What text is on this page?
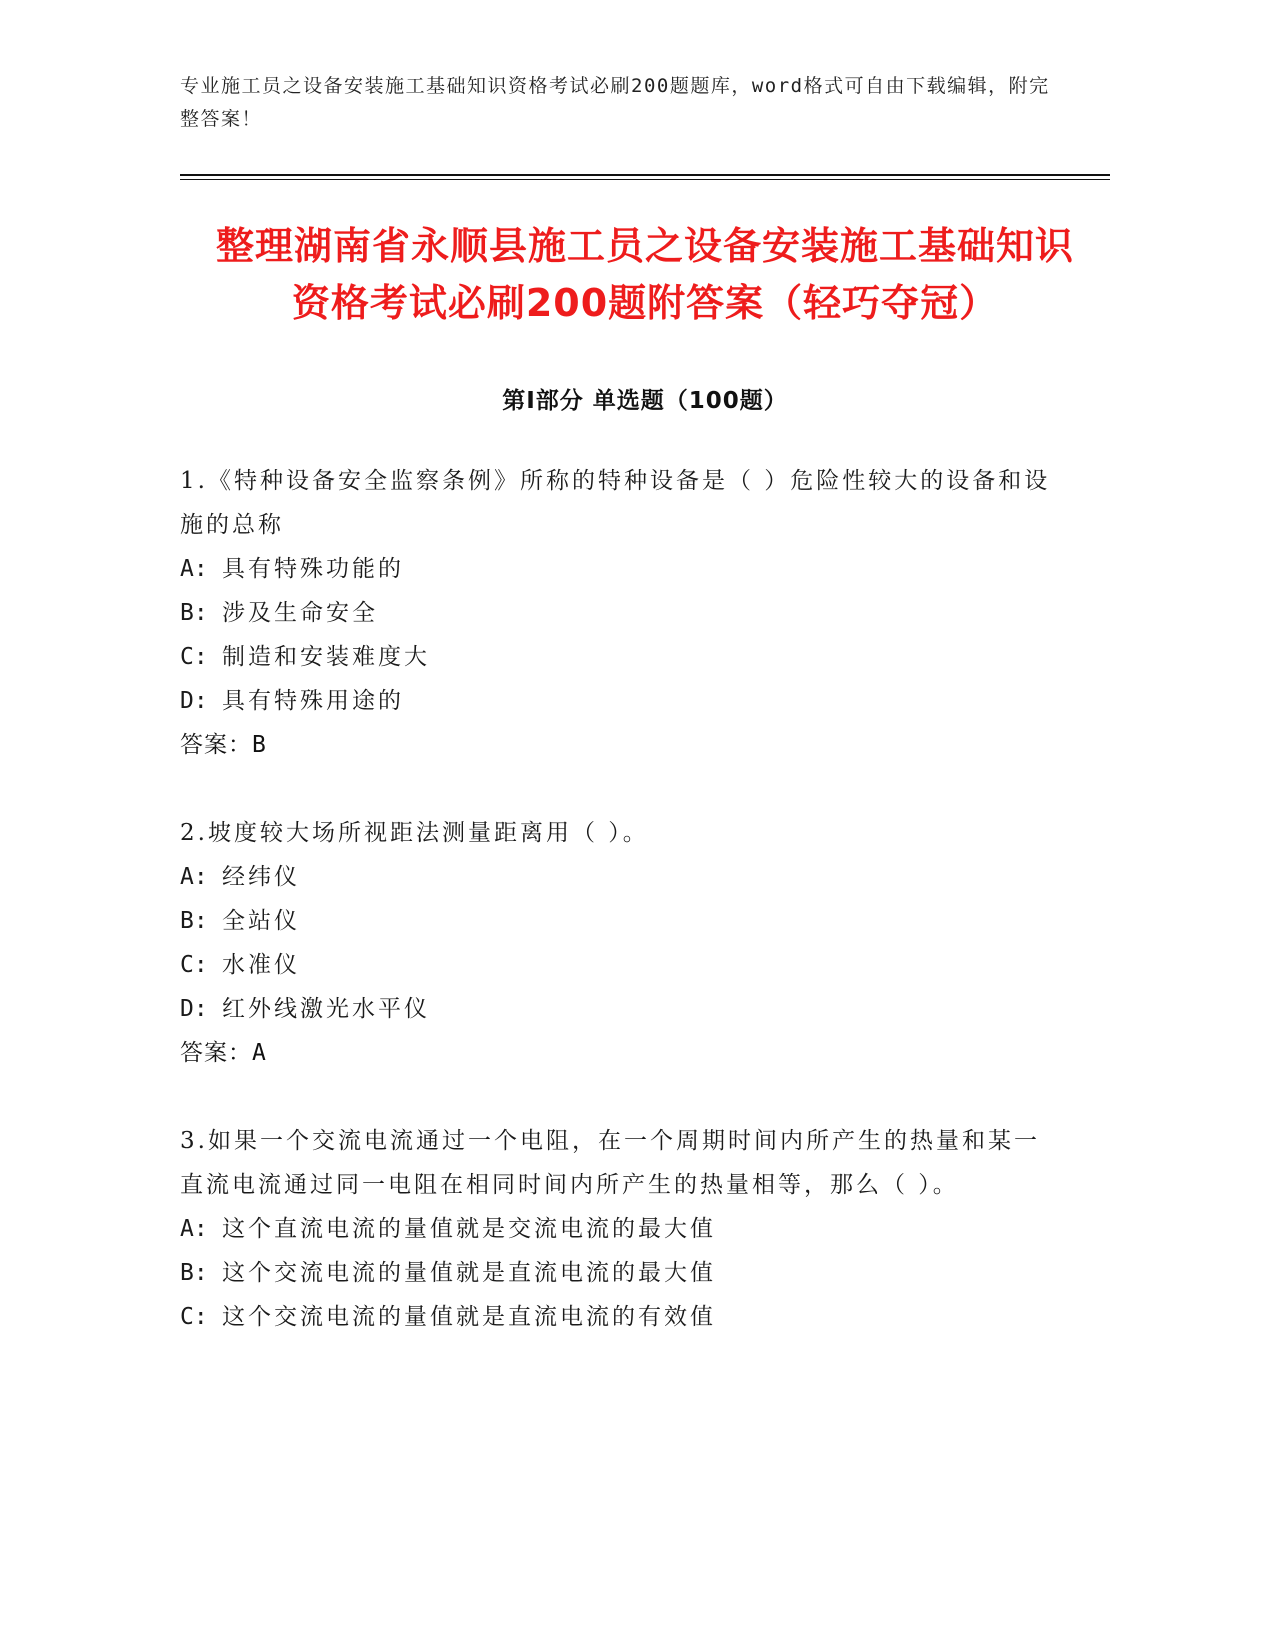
专业施工员之设备安装施工基础知识资格考试必刷200题题库，word格式可自由下载编辑，附完整答案！
整理湖南省永顺县施工员之设备安装施工基础知识资格考试必刷200题附答案（轻巧夺冠）
第Ⅰ部分 单选题（100题）
1.《特种设备安全监察条例》所称的特种设备是（ ）危险性较大的设备和设施的总称
A: 具有特殊功能的
B: 涉及生命安全
C: 制造和安装难度大
D: 具有特殊用途的
答案：B
2.坡度较大场所视距法测量距离用（ ）。
A: 经纬仪
B: 全站仪
C: 水准仪
D: 红外线激光水平仪
答案：A
3.如果一个交流电流通过一个电阻，在一个周期时间内所产生的热量和某一直流电流通过同一电阻在相同时间内所产生的热量相等，那么（ ）。
A: 这个直流电流的量值就是交流电流的最大值
B: 这个交流电流的量值就是直流电流的最大值
C: 这个交流电流的量值就是直流电流的有效值
